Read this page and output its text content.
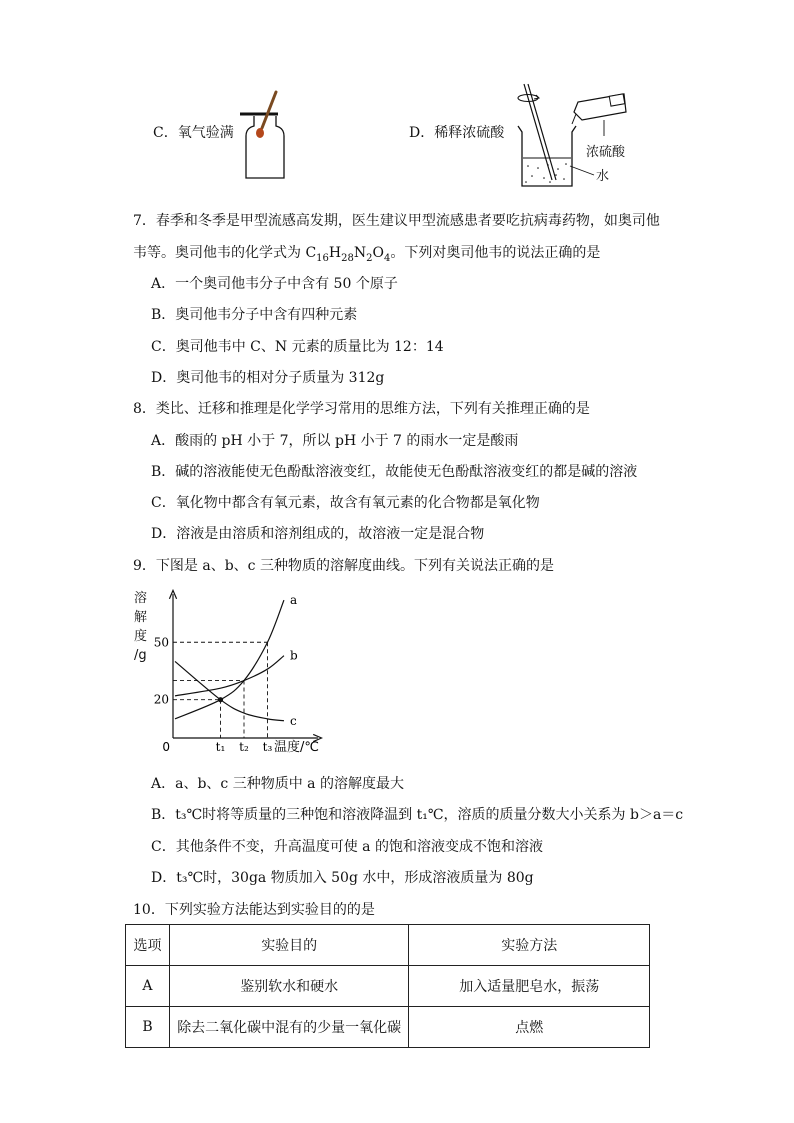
C．氧气验满	D．稀释浓硫酸
浓硫酸
水
7．春季和冬季是甲型流感高发期，医生建议甲型流感患者要吃抗病毒药物，如奥司他
韦等。奥司他韦的化学式为 $C_{16}H_{28}N_2O_4$。下列对奥司他韦的说法正确的是
A．一个奥司他韦分子中含有 50 个原子
B．奥司他韦分子中含有四种元素
C．奥司他韦中 C、N 元素的质量比为 12：14
D．奥司他韦的相对分子质量为 312g
8．类比、迁移和推理是化学学习常用的思维方法，下列有关推理正确的是
A．酸雨的 pH 小于 7，所以 pH 小于 7 的雨水一定是酸雨
B．碱的溶液能使无色酚酞溶液变红，故能使无色酚酞溶液变红的都是碱的溶液
C．氧化物中都含有氧元素，故含有氧元素的化合物都是氧化物
D．溶液是由溶质和溶剂组成的，故溶液一定是混合物
9．下图是 a、b、c 三种物质的溶解度曲线。下列有关说法正确的是
溶
解
度
/g
0	温度/℃
a
b
c
20
50
t₁ t₂ t₃
A．a、b、c 三种物质中 a 的溶解度最大
B．t₃℃时将等质量的三种饱和溶液降温到 t₁℃，溶质的质量分数大小关系为 b＞a＝c
C．其他条件不变，升高温度可使 a 的饱和溶液变成不饱和溶液
D．t₃℃时，30ga 物质加入 50g 水中，形成溶液质量为 80g
10．下列实验方法能达到实验目的的是
选项	实验目的	实验方法
A	鉴别软水和硬水	加入适量肥皂水，振荡
B	除去二氧化碳中混有的少量一氧化碳	点燃
